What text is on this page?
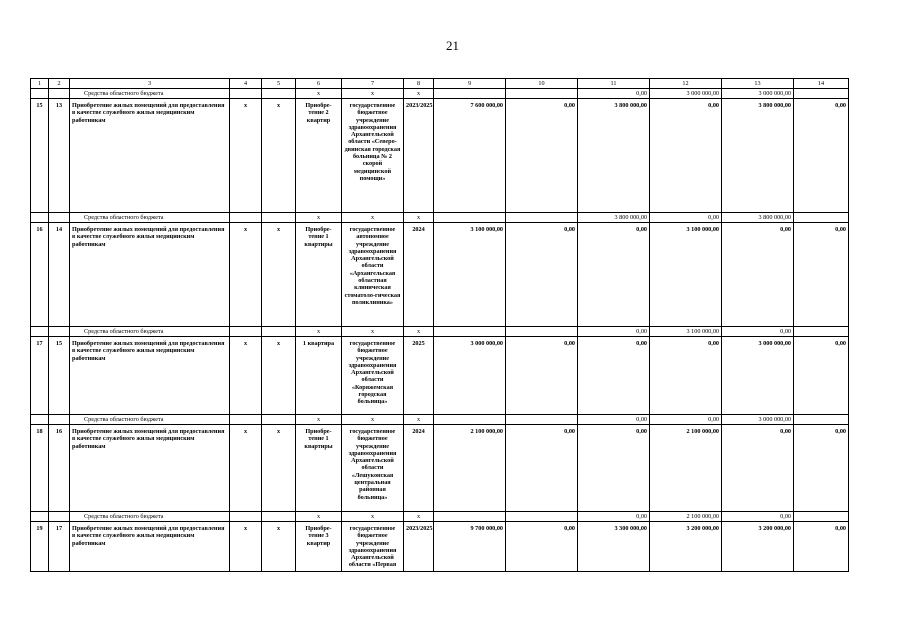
21
1	2	3	4	5	6	7	8	9	10	11	12	13	14
		Средства областного бюджета			x	x	x			0,00	3 000 000,00	3 000 000,00	
15	13	Приобретение жилых помещений для предоставления в качестве служебного жилья медицинским работникам	x	x	Приобре-тение 2 квартир	государственное бюджетное учреждение здравоохранения Архангельской области «Северо-двинская городская больница № 2 скорой медицинской помощи»	2023/2025	7 600 000,00	0,00	3 800 000,00	0,00	3 800 000,00	0,00
		Средства областного бюджета			x	x	x			3 800 000,00	0,00	3 800 000,00	
16	14	Приобретение жилых помещений для предоставления в качестве служебного жилья медицинским работникам	x	x	Приобре-тение 1 квартиры	государственное автономное учреждение здравоохранения Архангельской области «Архангельская областная клиническая стоматоло-гическая поликлиника»	2024	3 100 000,00	0,00	0,00	3 100 000,00	0,00	0,00
		Средства областного бюджета			x	x	x			0,00	3 100 000,00	0,00	
17	15	Приобретение жилых помещений для предоставления в качестве служебного жилья медицинским работникам	x	x	1 квартира	государственное бюджетное учреждение здравоохранения Архангельской области «Коряжемская городская больница»	2025	3 000 000,00	0,00	0,00	0,00	3 000 000,00	0,00
		Средства областного бюджета			x	x	x			0,00	0,00	3 000 000,00	
18	16	Приобретение жилых помещений для предоставления в качестве служебного жилья медицинским работникам	x	x	Приобре-тение 1 квартиры	государственное бюджетное учреждение здравоохранения Архангельской области «Лешуконская центральная районная больница»	2024	2 100 000,00	0,00	0,00	2 100 000,00	0,00	0,00
		Средства областного бюджета			x	x	x			0,00	2 100 000,00	0,00	
19	17	Приобретение жилых помещений для предоставления в качестве служебного жилья медицинским работникам	x	x	Приобре-тение 3 квартир	государственное бюджетное учреждение здравоохранения Архангельской области «Первая	2023/2025	9 700 000,00	0,00	3 300 000,00	3 200 000,00	3 200 000,00	0,00
